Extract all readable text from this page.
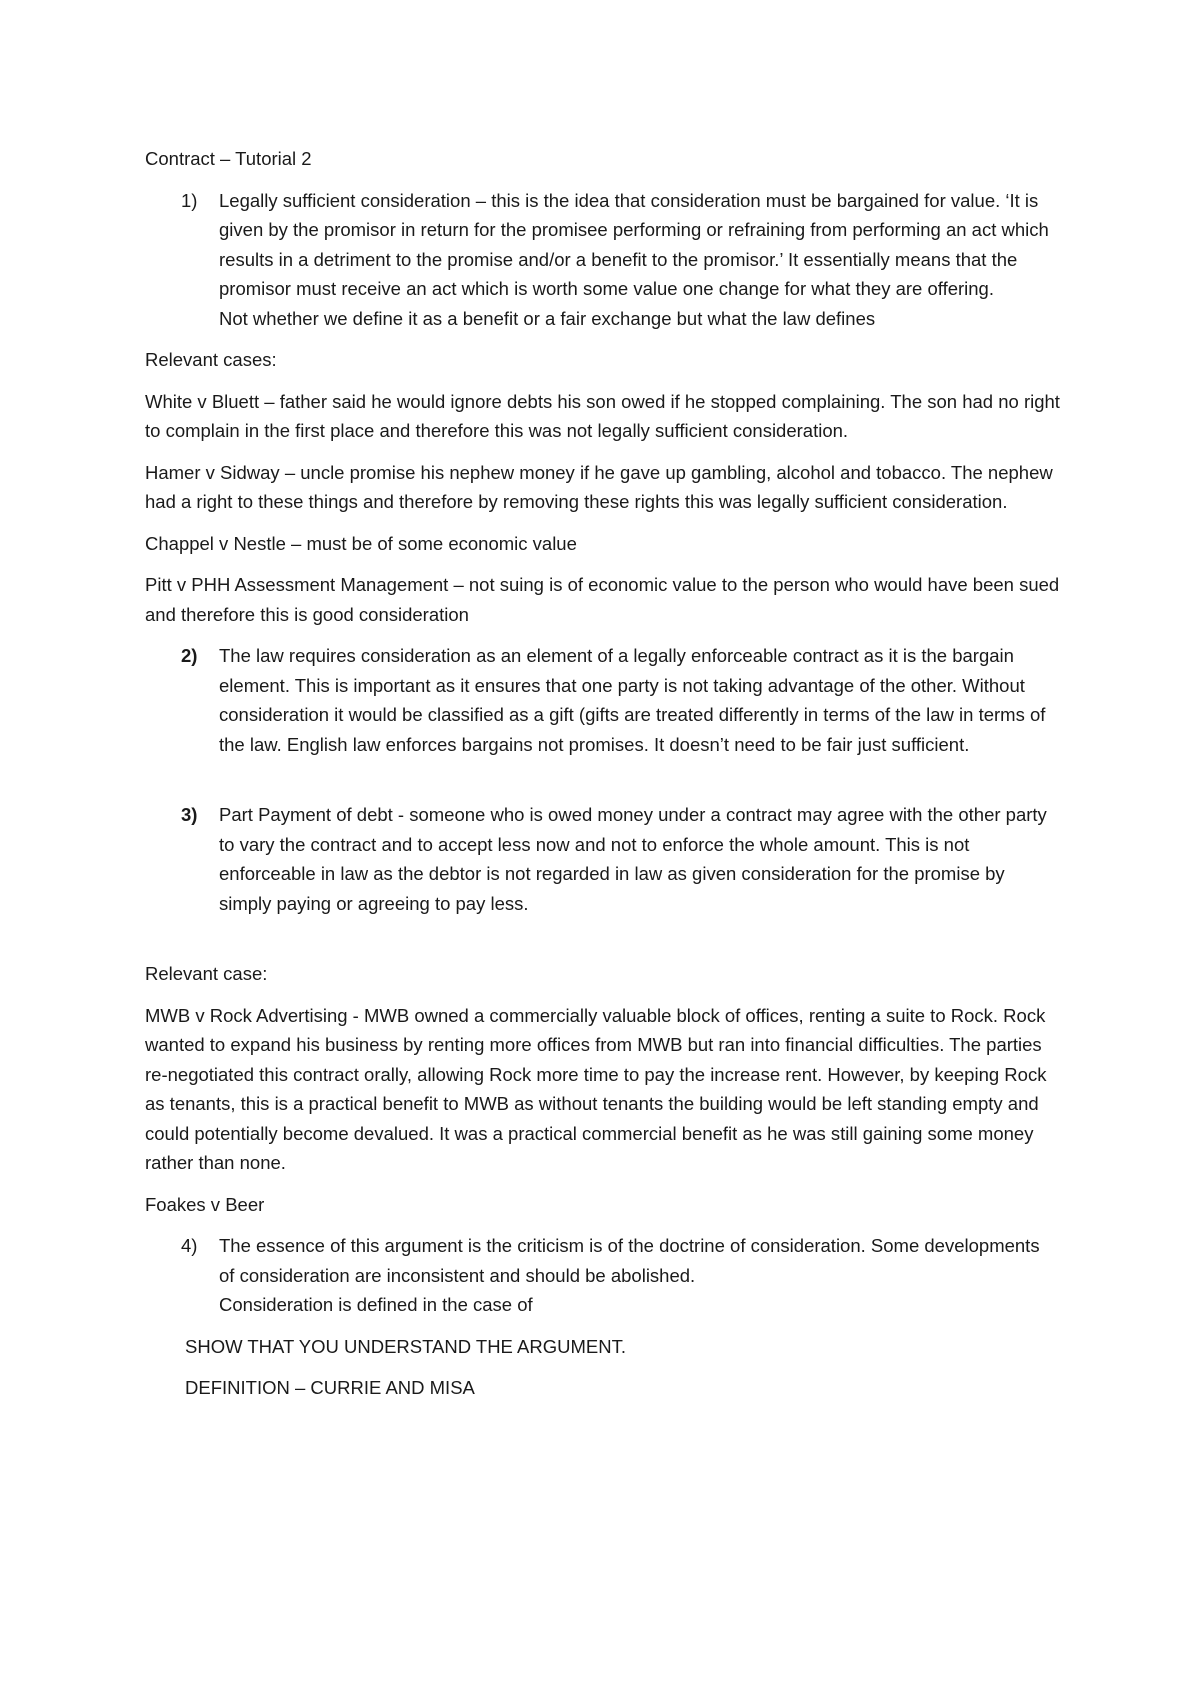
Contract – Tutorial 2

1)	Legally sufficient consideration – this is the idea that consideration must be bargained for value. ‘It is given by the promisor in return for the promisee performing or refraining from performing an act which results in a detriment to the promise and/or a benefit to the promisor.’ It essentially means that the promisor must receive an act which is worth some value one change for what they are offering.
Not whether we define it as a benefit or a fair exchange but what the law defines

Relevant cases:

White v Bluett – father said he would ignore debts his son owed if he stopped complaining. The son had no right to complain in the first place and therefore this was not legally sufficient consideration.

Hamer v Sidway – uncle promise his nephew money if he gave up gambling, alcohol and tobacco. The nephew had a right to these things and therefore by removing these rights this was legally sufficient consideration.

Chappel v Nestle – must be of some economic value

Pitt v PHH Assessment Management – not suing is of economic value to the person who would have been sued and therefore this is good consideration

2)	The law requires consideration as an element of a legally enforceable contract as it is the bargain element. This is important as it ensures that one party is not taking advantage of the other. Without consideration it would be classified as a gift (gifts are treated differently in terms of the law in terms of the law. English law enforces bargains not promises. It doesn’t need to be fair just sufficient.
3)	Part Payment of debt - someone who is owed money under a contract may agree with the other party to vary the contract and to accept less now and not to enforce the whole amount. This is not enforceable in law as the debtor is not regarded in law as given consideration for the promise by simply paying or agreeing to pay less.

Relevant case:

MWB v Rock Advertising - MWB owned a commercially valuable block of offices, renting a suite to Rock. Rock wanted to expand his business by renting more offices from MWB but ran into financial difficulties. The parties re-negotiated this contract orally, allowing Rock more time to pay the increase rent. However, by keeping Rock as tenants, this is a practical benefit to MWB as without tenants the building would be left standing empty and could potentially become devalued. It was a practical commercial benefit as he was still gaining some money rather than none.

Foakes v Beer

4)	The essence of this argument is the criticism is of the doctrine of consideration. Some developments of consideration are inconsistent and should be abolished.
Consideration is defined in the case of

SHOW THAT YOU UNDERSTAND THE ARGUMENT.

DEFINITION – CURRIE AND MISA
